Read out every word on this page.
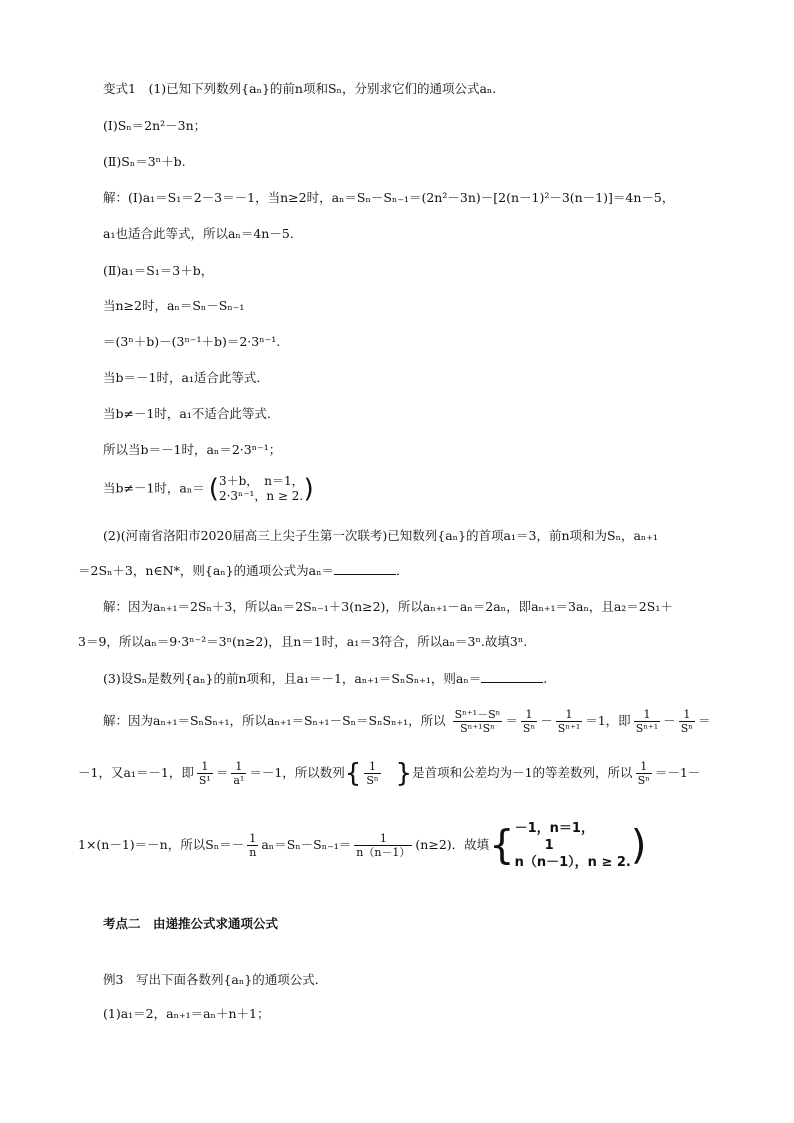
变式1　(1)已知下列数列{aₙ}的前n项和Sₙ，分别求它们的通项公式aₙ.
(Ⅰ)Sₙ＝2n²－3n；
(Ⅱ)Sₙ＝3ⁿ＋b.
解：(Ⅰ)a₁＝S₁＝2－3＝－1，当n≥2时，aₙ＝Sₙ－Sₙ₋₁＝(2n²－3n)－[2(n－1)²－3(n－1)]＝4n－5，
a₁也适合此等式，所以aₙ＝4n－5.
(Ⅱ)a₁＝S₁＝3＋b，
当n≥2时，aₙ＝Sₙ－Sₙ₋₁
＝(3ⁿ＋b)－(3ⁿ⁻¹＋b)＝2·3ⁿ⁻¹.
当b＝－1时，a₁适合此等式．
当b≠－1时，a₁不适合此等式．
所以当b＝－1时，aₙ＝2·3ⁿ⁻¹；
当b≠－1时，aₙ＝ ( 3＋b，　n＝1，
2·3ⁿ⁻¹，n ≥ 2. )
(2)(河南省洛阳市2020届高三上尖子生第一次联考)已知数列{aₙ}的首项a₁＝3，前n项和为Sₙ，aₙ₊₁
＝2Sₙ＋3，n∈N*，则{aₙ}的通项公式为aₙ＝	．
解：因为aₙ₊₁＝2Sₙ＋3，所以aₙ＝2Sₙ₋₁＋3(n≥2)，所以aₙ₊₁－aₙ＝2aₙ，即aₙ₊₁＝3aₙ，且a₂＝2S₁＋
3＝9，所以aₙ＝9·3ⁿ⁻²＝3ⁿ(n≥2)，且n＝1时，a₁＝3符合，所以aₙ＝3ⁿ.故填3ⁿ.
(3)设Sₙ是数列{aₙ}的前n项和，且a₁＝－1，aₙ₊₁＝SₙSₙ₊₁，则aₙ＝	.
解：因为aₙ₊₁＝SₙSₙ₊₁，所以aₙ₊₁＝Sₙ₊₁－Sₙ＝SₙSₙ₊₁，所以 $\frac{\text{Sⁿ⁺¹－Sⁿ}}{\text{Sⁿ⁺¹Sⁿ}} = \frac{1}{\text{Sⁿ}} - \frac{1}{\text{Sⁿ⁺¹}} =1$，即 $\frac{1}{\text{Sⁿ⁺¹}} - \frac{1}{\text{Sⁿ}}$ ＝
－1，又a₁＝－1，即 $\frac{1}{\text{S¹}} = \frac{1}{\text{a¹}} =-1$，所以数列{ $\frac{1}{\text{Sⁿ}}$ }是首项和公差均为－1的等差数列，所以 $\frac{1}{\text{Sⁿ}} =-1-$
1×(n－1)＝－n，所以$S_n=- \frac{1}{n} a_n=S_n-S_{n-1}= \frac{1}{n(n-1)} (n\ge 2)$．故填{ －1，n＝1，
1
n（n－1），n ≥ 2. )
考点二　由递推公式求通项公式
例3　写出下面各数列{aₙ}的通项公式．
(1)a₁＝2，aₙ₊₁＝aₙ＋n＋1；
